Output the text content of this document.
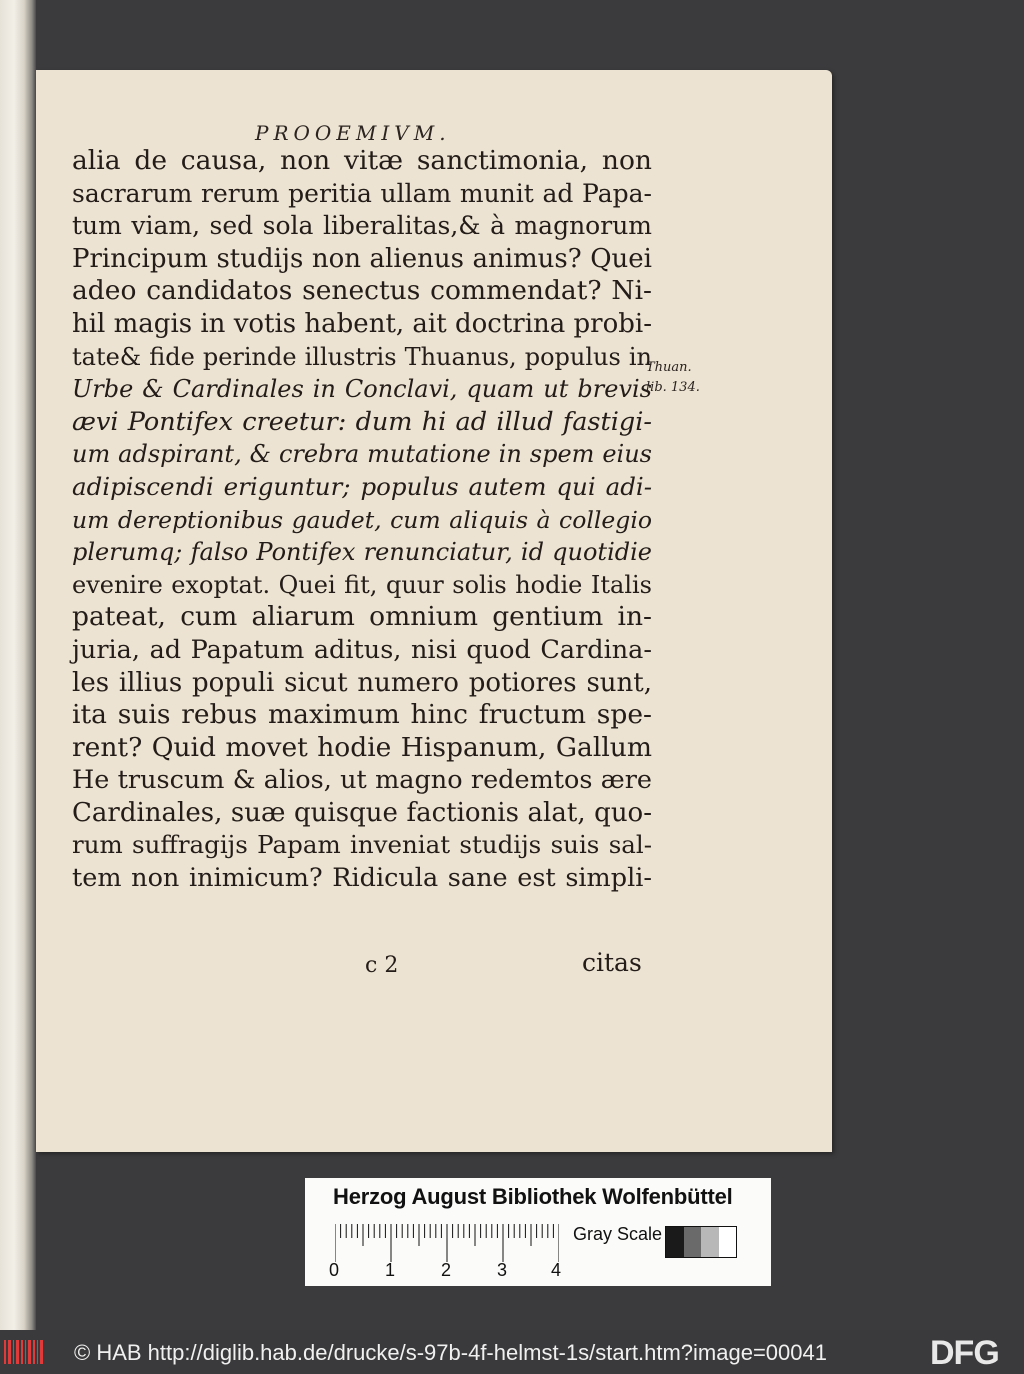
PROOEMIVM.
alia de causa, non vitæ sanctimonia, non
sacrarum rerum peritia ullam munit ad Papa-
tum viam, sed sola liberalitas,& à magnorum
Principum studijs non alienus animus? Quei
adeo candidatos senectus commendat? Ni-
hil magis in votis habent, ait doctrina probi-
tate& fide perinde illustris Thuanus, populus in
Urbe & Cardinales in Conclavi, quam ut brevis
ævi Pontifex creetur: dum hi ad illud fastigi-
um adspirant, & crebra mutatione in spem eius
adipiscendi eriguntur; populus autem qui adi-
um dereptionibus gaudet, cum aliquis à collegio
plerumq; falso Pontifex renunciatur, id quotidie
evenire exoptat. Quei fit, quur solis hodie Italis
pateat, cum aliarum omnium gentium in-
juria, ad Papatum aditus, nisi quod Cardina-
les illius populi sicut numero potiores sunt,
ita suis rebus maximum hinc fructum spe-
rent? Quid movet hodie Hispanum, Gallum
He truscum & alios, ut magno redemtos ære
Cardinales, suæ quisque factionis alat, quo-
rum suffragijs Papam inveniat studijs suis sal-
tem non inimicum? Ridicula sane est simpli-
Thuan.
lib. 134.
c 2	citas
Herzog August Bibliothek Wolfenbüttel
0	1	2	3 4
Gray Scale
© HAB http://diglib.hab.de/drucke/s-97b-4f-helmst-1s/start.htm?image=00041	DFG
